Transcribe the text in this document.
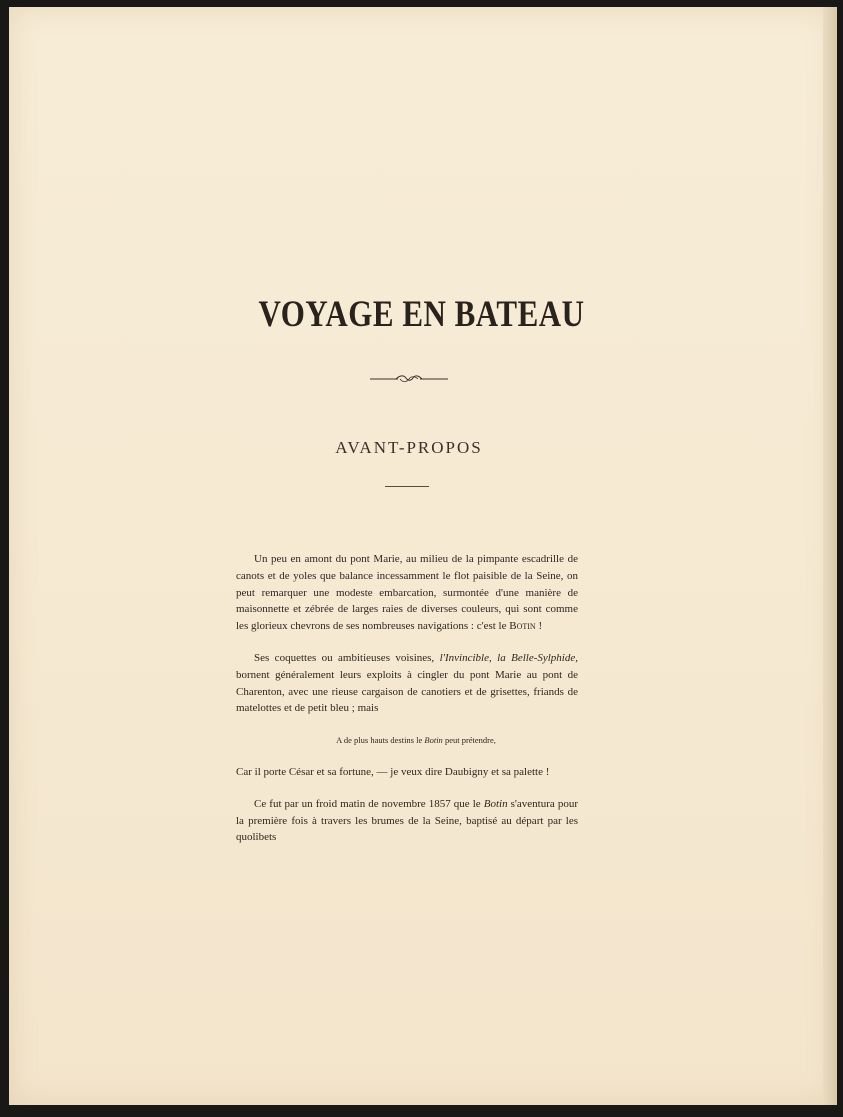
VOYAGE EN BATEAU
AVANT-PROPOS

Un peu en amont du pont Marie, au milieu de la pimpante escadrille de canots et de yoles que balance incessamment le flot paisible de la Seine, on peut remarquer une modeste embarcation, surmontée d'une manière de maisonnette et zébrée de larges raies de diverses couleurs, qui sont comme les glorieux chevrons de ses nombreuses navigations : c'est le Botin !

Ses coquettes ou ambitieuses voisines, l'Invincible, la Belle-Sylphide, bornent généralement leurs exploits à cingler du pont Marie au pont de Charenton, avec une rieuse cargaison de canotiers et de grisettes, friands de matelottes et de petit bleu ; mais

A de plus hauts destins le Botin peut prétendre,

Car il porte César et sa fortune, — je veux dire Daubigny et sa palette !

Ce fut par un froid matin de novembre 1857 que le Botin s'aventura pour la première fois à travers les brumes de la Seine, baptisé au départ par les quolibets
